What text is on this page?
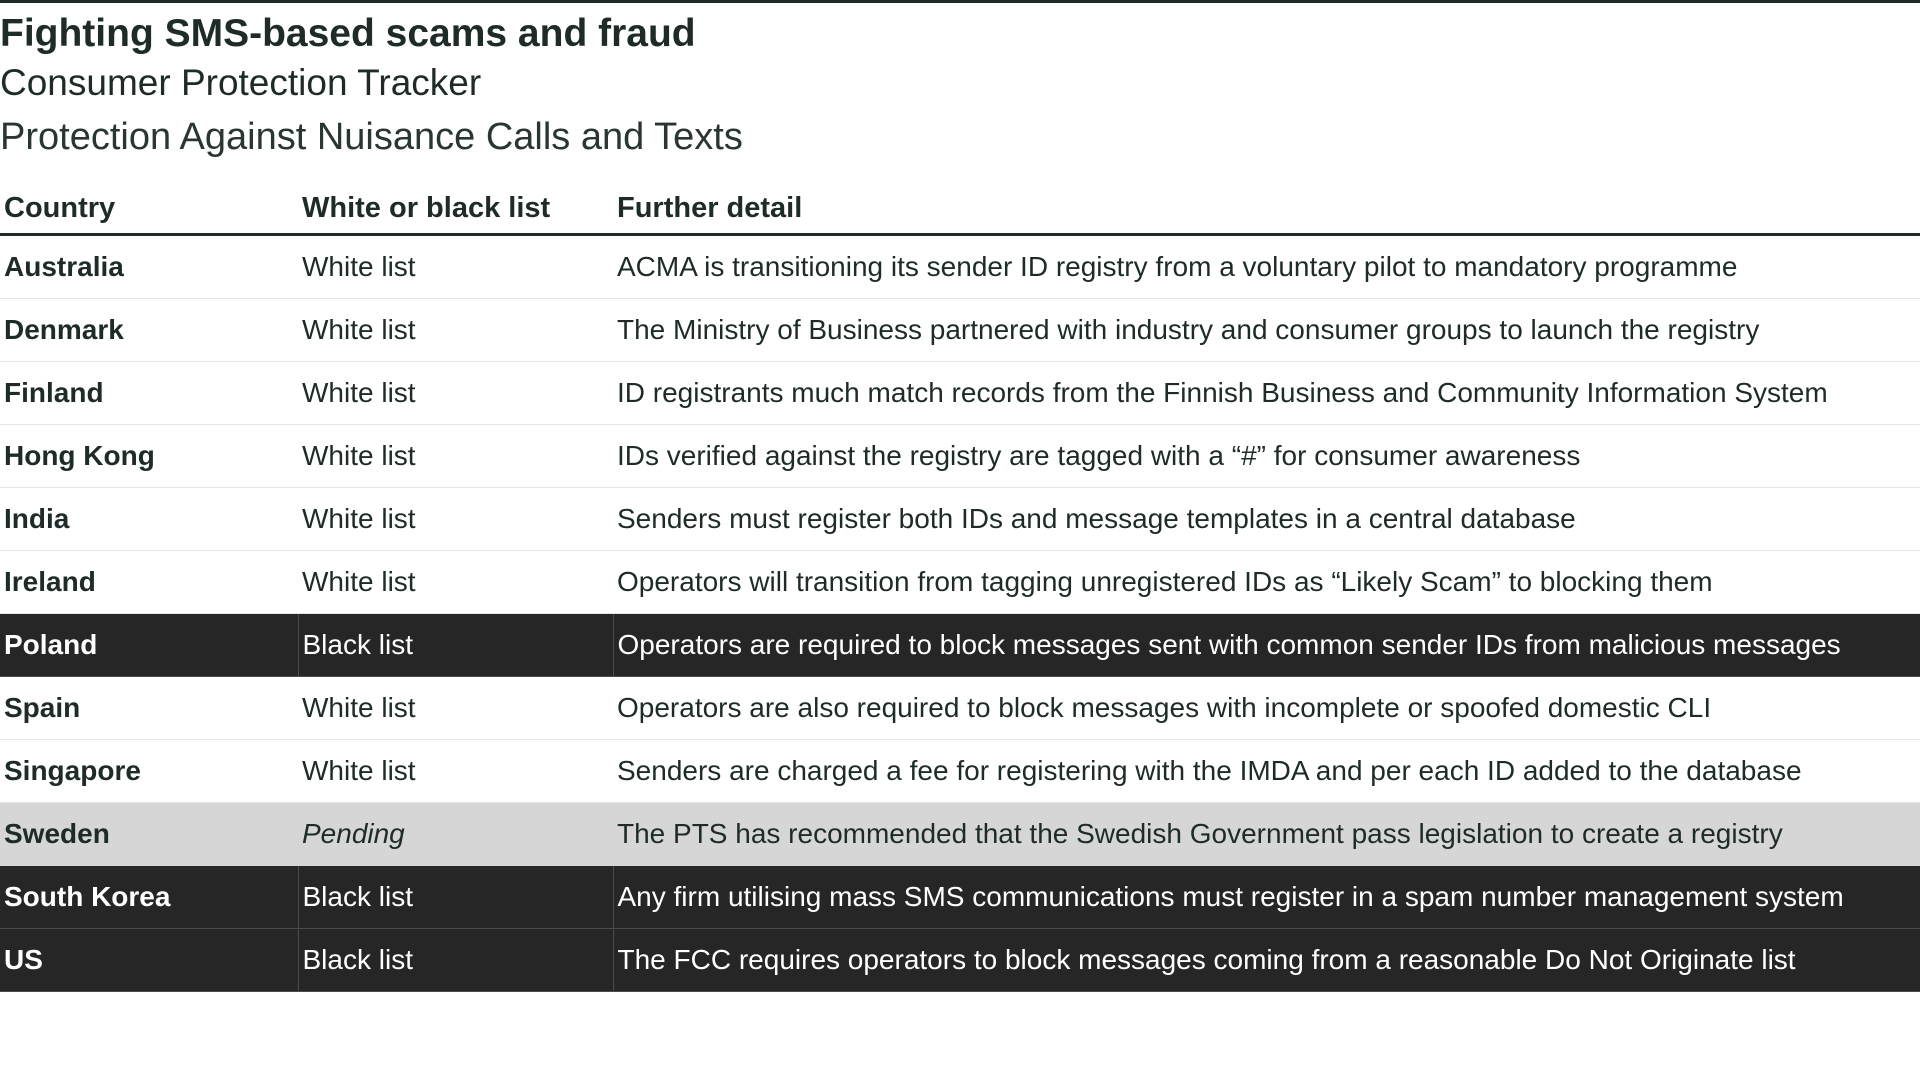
Fighting SMS-based scams and fraud

Consumer Protection Tracker

Protection Against Nuisance Calls and Texts

Country	White or black list	Further detail
Australia	White list	ACMA is transitioning its sender ID registry from a voluntary pilot to mandatory programme
Denmark	White list	The Ministry of Business partnered with industry and consumer groups to launch the registry
Finland	White list	ID registrants much match records from the Finnish Business and Community Information System
Hong Kong	White list	IDs verified against the registry are tagged with a “#” for consumer awareness
India	White list	Senders must register both IDs and message templates in a central database
Ireland	White list	Operators will transition from tagging unregistered IDs as “Likely Scam” to blocking them
Poland	Black list	Operators are required to block messages sent with common sender IDs from malicious messages
Spain	White list	Operators are also required to block messages with incomplete or spoofed domestic CLI
Singapore	White list	Senders are charged a fee for registering with the IMDA and per each ID added to the database
Sweden	Pending	The PTS has recommended that the Swedish Government pass legislation to create a registry
South Korea	Black list	Any firm utilising mass SMS communications must register in a spam number management system
US	Black list	The FCC requires operators to block messages coming from a reasonable Do Not Originate list
